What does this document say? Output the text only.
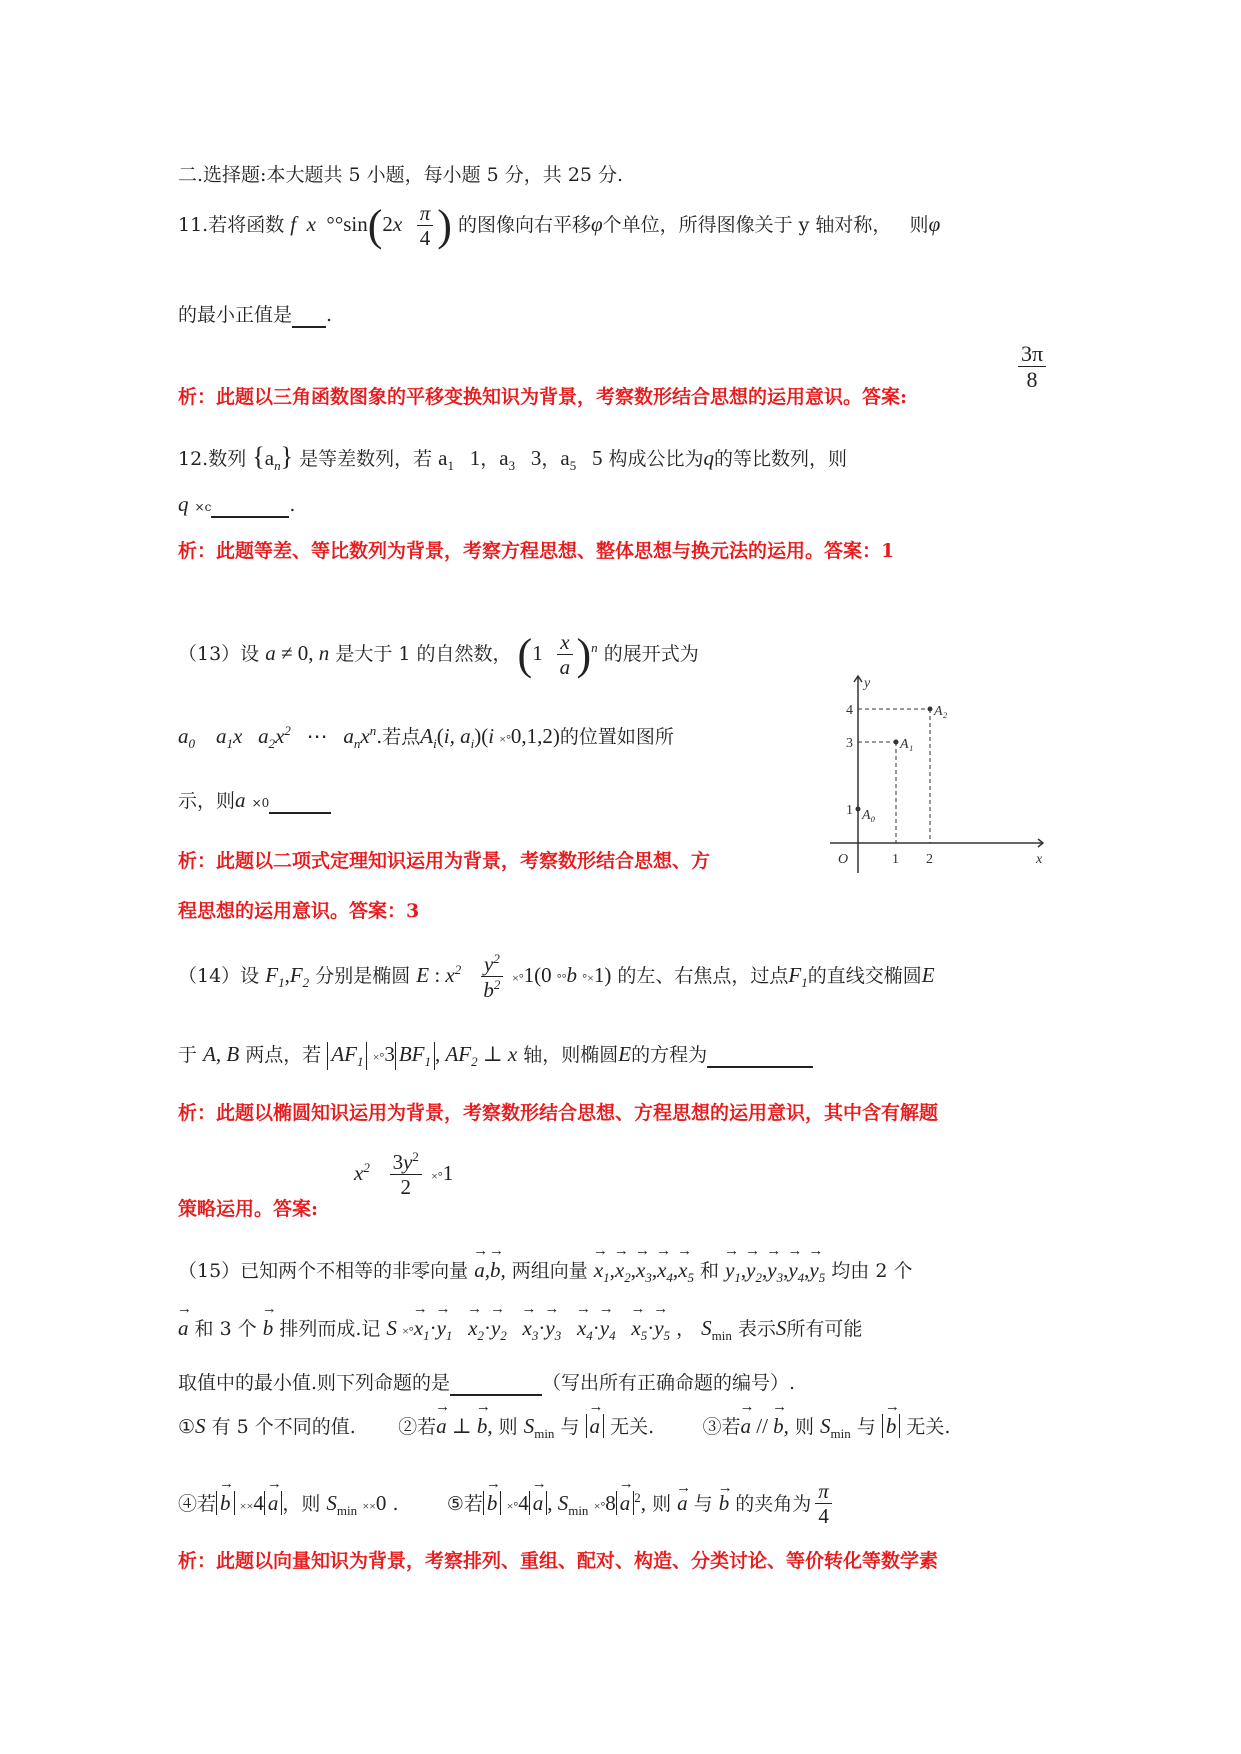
二.选择题:本大题共 5 小题，每小题 5 分，共 25 分.
11.若将函数 f  x  $^\circ^\circ\sin(2x \frac{\pi}{4}$ ) 的图像向右平移φ个单位，所得图像关于 y 轴对称， 则φ
的最小正值是 .
析：此题以三角函数图象的平移变换知识为背景，考察数形结合思想的运用意识。答案:
$\frac{3\pi}{8}$
12.数列 $\{a_n\}$ 是等差数列，若 $a_1$   1，$a_3$   3，$a_5$   5 构成公比为q的等比数列，则
q ×c	.
析：此题等差、等比数列为背景，考察方程思想、整体思想与换元法的运用。答案：1
（13）设 a ≠ 0, n 是大于 1 的自然数， $(1 \frac{x}{a} )^n$ 的展开式为
$a_0$    $a_1x$   $a_2x^2$ ⋯   $a_nx^n$.若点$A_i(i$, $a_i)(i \times^\circ 0,1,2)$的位置如图所
示，则a ×0
析：此题以二项式定理知识运用为背景，考察数形结合思想、方
程思想的运用意识。答案：3
y
x
O
4
3
1
1 2
A₂
A₁
A₀
（14）设 $F_1,F_2$ 分别是椭圆 E : $x^2 \frac{y^2}{b^2} \times^\circ 1(0$ °°b °×1) 的左、右焦点，过点$F_1$的直线交椭圆E
于 A, B 两点，若 $AF_1 \times^\circ 3$ $BF_1$ , $AF_2$ ⊥ x 轴，则椭圆E的方程为
析：此题以椭圆知识运用为背景，考察数形结合思想、方程思想的运用意识，其中含有解题
策略运用。答案:
$x^2 \frac{3y^2}{2} \times^\circ 1$
（15）已知两个不相等的非零向量 → a,→ b, 两组向量 → $x_1,\to x_2,\to x_3,\to x_4,\to x_5$ 和 → $y_1,\to y_2,\to y_3,\to y_4,\to y_5$ 均由 2 个
→ a 和 3 个 → b 排列而成.记 S ×°→ $x_1\cdot\to y_1 \to x_2\cdot\to y_2 \to x_3\cdot\to y_3 \to x_4\cdot\to y_4 \to x_5\cdot\to y_5$ ， $S_{min}$ 表示S所有可能
取值中的最小值.则下列命题的是	（写出所有正确命题的编号）.
①S 有 5 个不同的值. ②若→ a ⊥ → b, 则 $S_{min}$ 与 → a 无关.	③若→ a // → b, 则 $S_{min}$ 与 → b 无关.
④若 → b ××4 → a ，则 $S_{min} \times\times 0$ .	⑤若 → b ×°4 → a , $S_{min} \times^\circ 8 \to a$ $^2$, 则 → a 与 → b 的夹角为 $\frac{\pi}{4}$
析：此题以向量知识为背景，考察排列、重组、配对、构造、分类讨论、等价转化等数学素
